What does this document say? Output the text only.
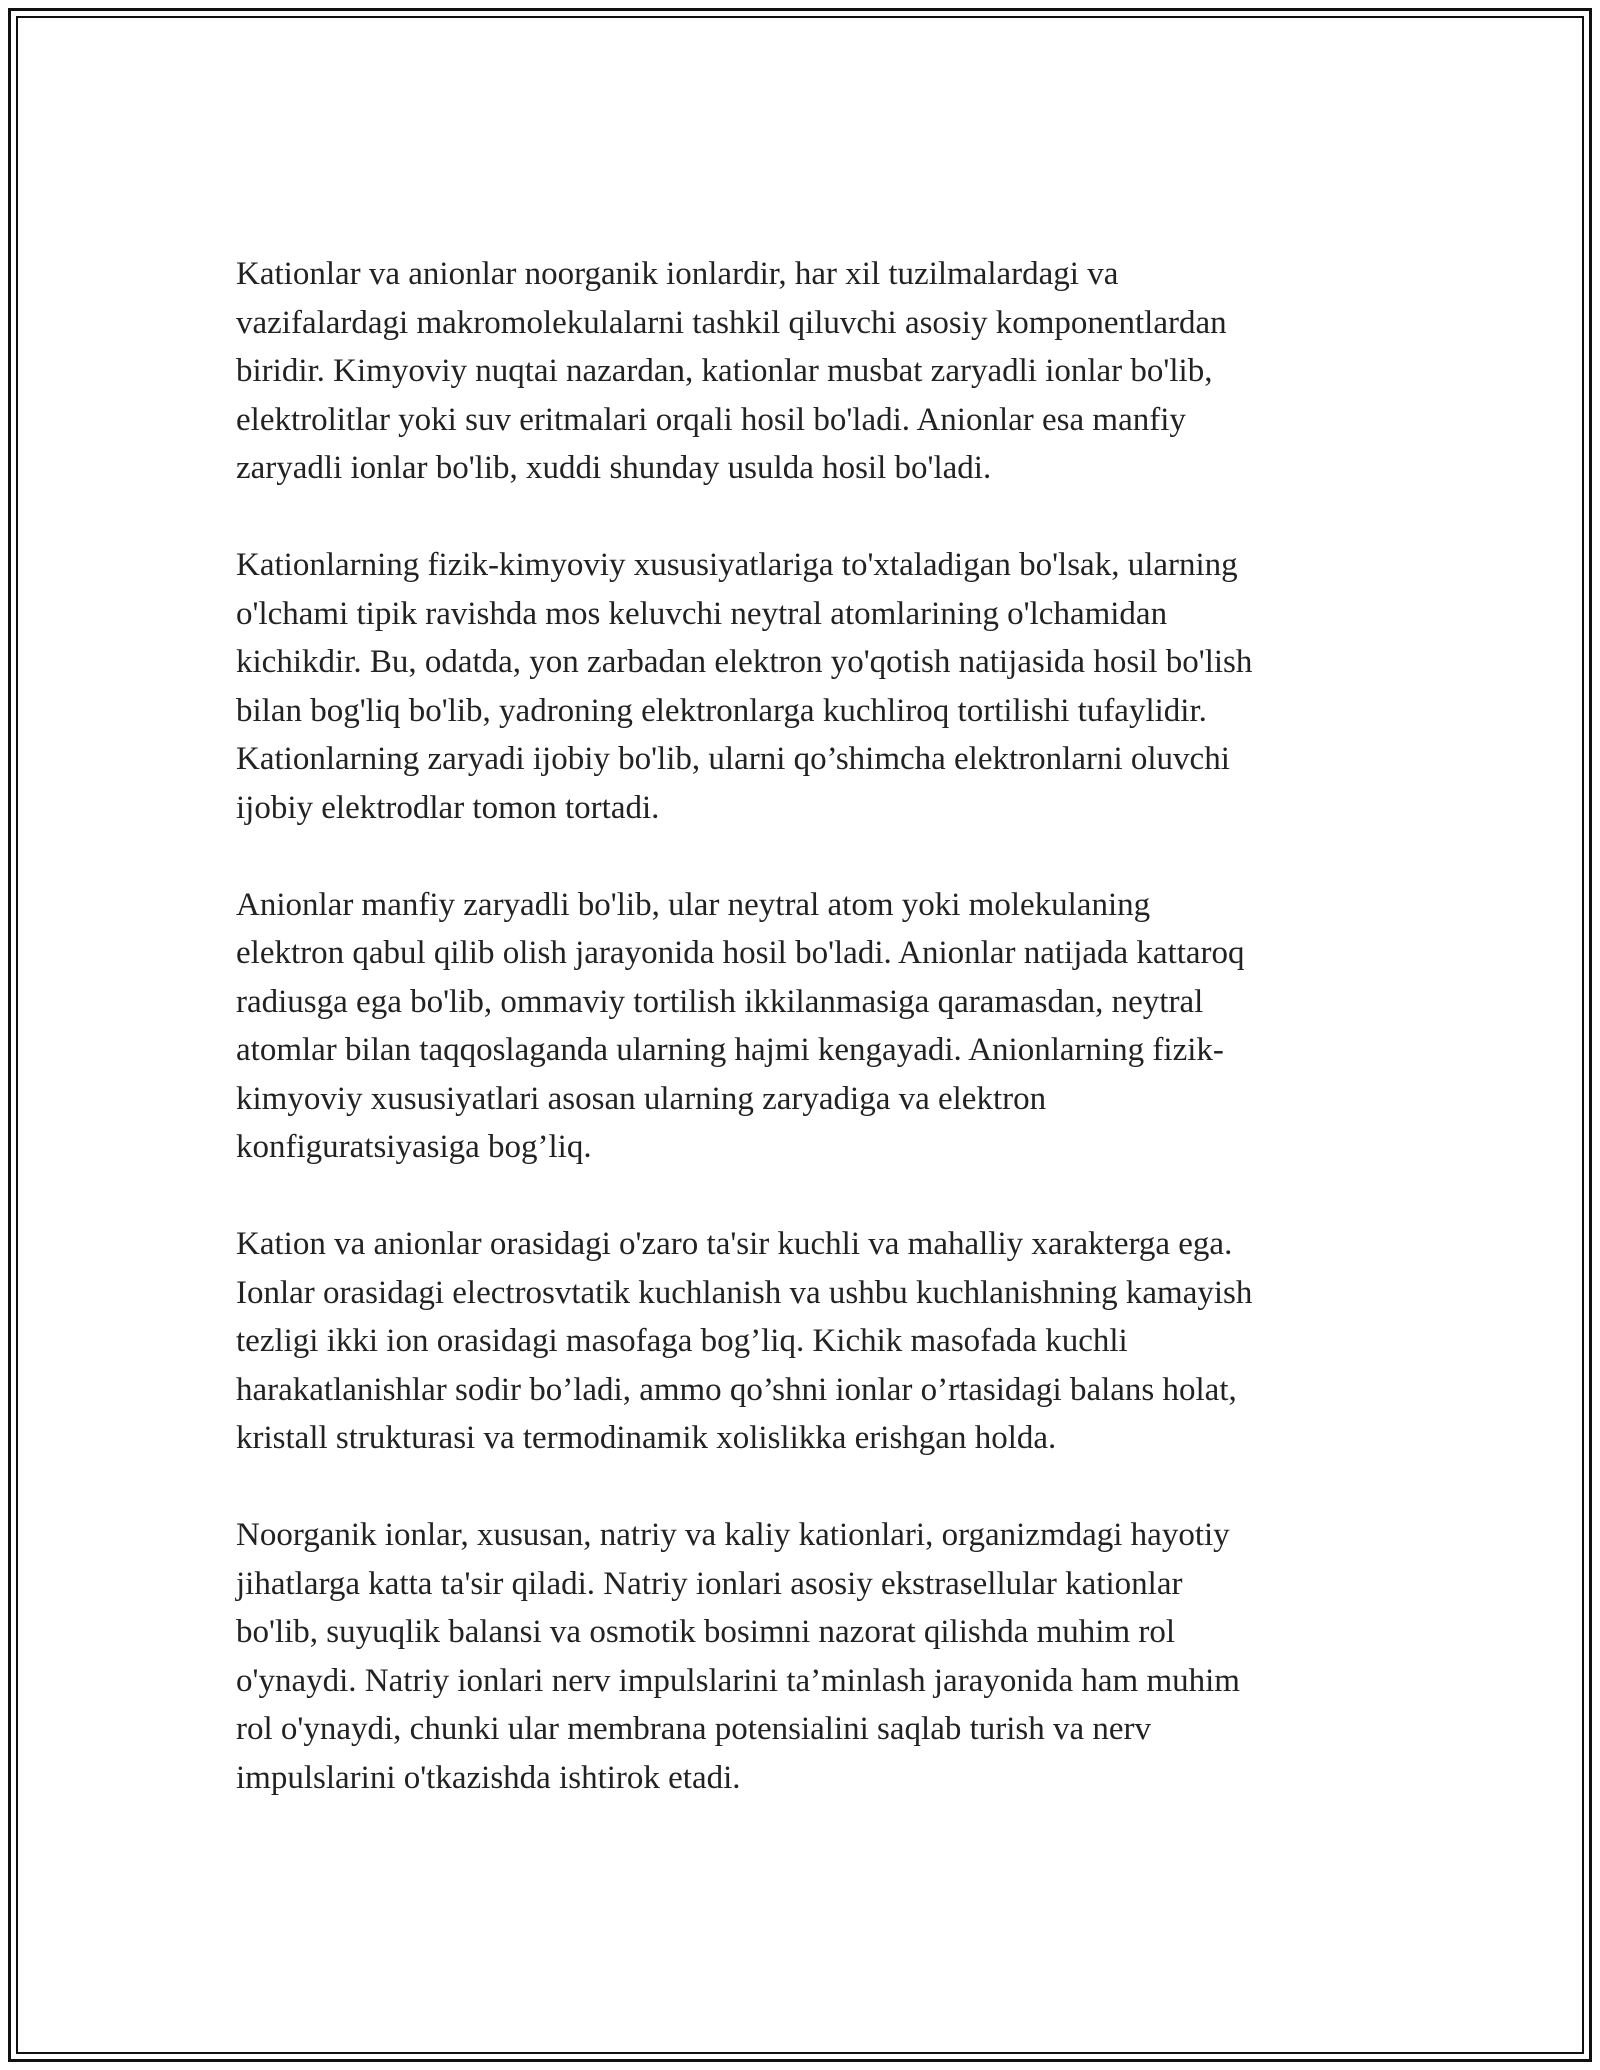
Kationlar va anionlar noorganik ionlardir, har xil tuzilmalardagi va
vazifalardagi makromolekulalarni tashkil qiluvchi asosiy komponentlardan
biridir. Kimyoviy nuqtai nazardan, kationlar musbat zaryadli ionlar bo'lib,
elektrolitlar yoki suv eritmalari orqali hosil bo'ladi. Anionlar esa manfiy
zaryadli ionlar bo'lib, xuddi shunday usulda hosil bo'ladi.

Kationlarning fizik-kimyoviy xususiyatlariga to'xtaladigan bo'lsak, ularning
o'lchami tipik ravishda mos keluvchi neytral atomlarining o'lchamidan
kichikdir. Bu, odatda, yon zarbadan elektron yo'qotish natijasida hosil bo'lish
bilan bog'liq bo'lib, yadroning elektronlarga kuchliroq tortilishi tufaylidir.
Kationlarning zaryadi ijobiy bo'lib, ularni qo’shimcha elektronlarni oluvchi
ijobiy elektrodlar tomon tortadi.

Anionlar manfiy zaryadli bo'lib, ular neytral atom yoki molekulaning
elektron qabul qilib olish jarayonida hosil bo'ladi. Anionlar natijada kattaroq
radiusga ega bo'lib, ommaviy tortilish ikkilanmasiga qaramasdan, neytral
atomlar bilan taqqoslaganda ularning hajmi kengayadi. Anionlarning fizik-
kimyoviy xususiyatlari asosan ularning zaryadiga va elektron
konfiguratsiyasiga bog’liq.

Kation va anionlar orasidagi o'zaro ta'sir kuchli va mahalliy xarakterga ega.
Ionlar orasidagi electrosvtatik kuchlanish va ushbu kuchlanishning kamayish
tezligi ikki ion orasidagi masofaga bog’liq. Kichik masofada kuchli
harakatlanishlar sodir bo’ladi, ammo qo’shni ionlar o’rtasidagi balans holat,
kristall strukturasi va termodinamik xolislikka erishgan holda.

Noorganik ionlar, xususan, natriy va kaliy kationlari, organizmdagi hayotiy
jihatlarga katta ta'sir qiladi. Natriy ionlari asosiy ekstrasellular kationlar
bo'lib, suyuqlik balansi va osmotik bosimni nazorat qilishda muhim rol
o'ynaydi. Natriy ionlari nerv impulslarini ta’minlash jarayonida ham muhim
rol o'ynaydi, chunki ular membrana potensialini saqlab turish va nerv
impulslarini o'tkazishda ishtirok etadi.
